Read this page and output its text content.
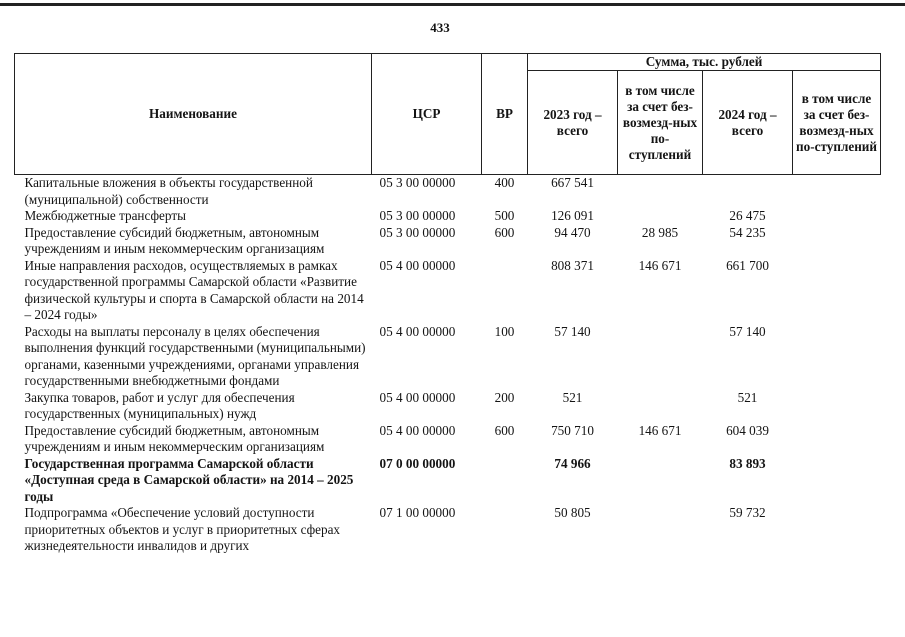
433
Наименование	ЦСР	ВР	Сумма, тыс. рублей			
			2023 год – всего	в том числе за счет без-возмезд-ных по-ступлений	2024 год – всего	в том числе за счет без-возмезд-ных по-ступлений
Капитальные вложения в объекты государственной (муниципальной) собственности	05 3 00 00000	400	667 541			
Межбюджетные трансферты	05 3 00 00000	500	126 091		26 475	
Предоставление субсидий бюджетным, автономным учреждениям и иным некоммерческим организациям	05 3 00 00000	600	94 470	28 985	54 235	
Иные направления расходов, осуществляемых в рамках государственной программы Самарской области «Развитие физической культуры и спорта в Самарской области на 2014 – 2024 годы»	05 4 00 00000		808 371	146 671	661 700	
Расходы на выплаты персоналу в целях обеспечения выполнения функций государственными (муниципальными) органами, казенными учреждениями, органами управления государственными внебюджетными фондами	05 4 00 00000	100	57 140		57 140	
Закупка товаров, работ и услуг для обеспечения государственных (муниципальных) нужд	05 4 00 00000	200	521		521	
Предоставление субсидий бюджетным, автономным учреждениям и иным некоммерческим организациям	05 4 00 00000	600	750 710	146 671	604 039	
Государственная программа Самарской области «Доступная среда в Самарской области» на 2014 – 2025 годы	07 0 00 00000		74 966		83 893	
Подпрограмма «Обеспечение условий доступности приоритетных объектов и услуг в приоритетных сферах жизнедеятельности инвалидов и других	07 1 00 00000		50 805		59 732	
